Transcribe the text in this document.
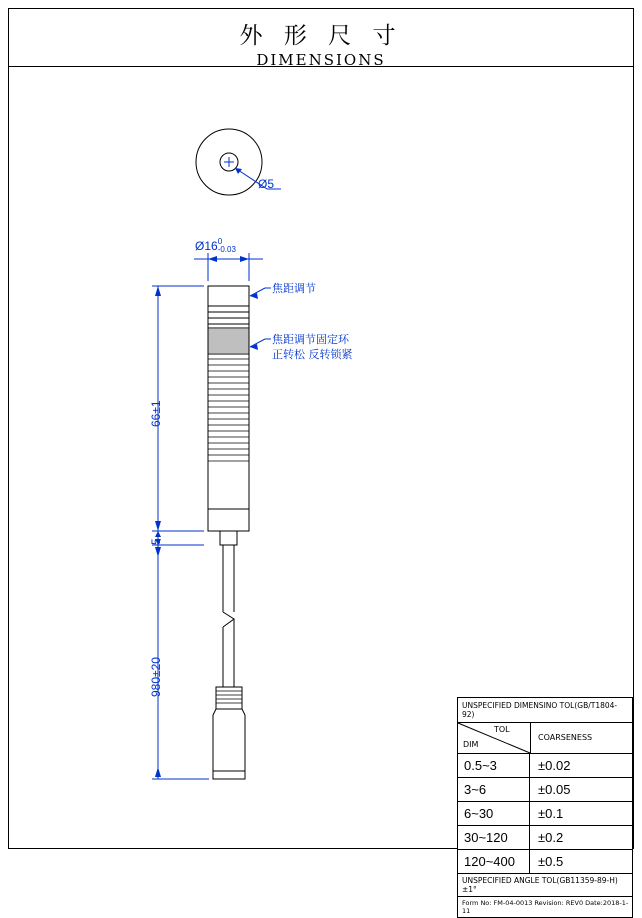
外 形 尺 寸
DIMENSIONS
Ø5
Ø16 0
-0.03
66±1
5
980±20
焦距调节
焦距调节固定环
正转松 反转锁紧
UNSPECIFIED DIMENSINO TOL(GB/T1804-92)
TOL
DIM
COARSENESS
0.5~3	±0.02
3~6	±0.05
6~30	±0.1
30~120	±0.2
120~400	±0.5
UNSPECIFIED ANGLE TOL(GB11359-89-H) ±1°
Form No: FM-04-0013 Revision: REV0 Date:2018-1-11
